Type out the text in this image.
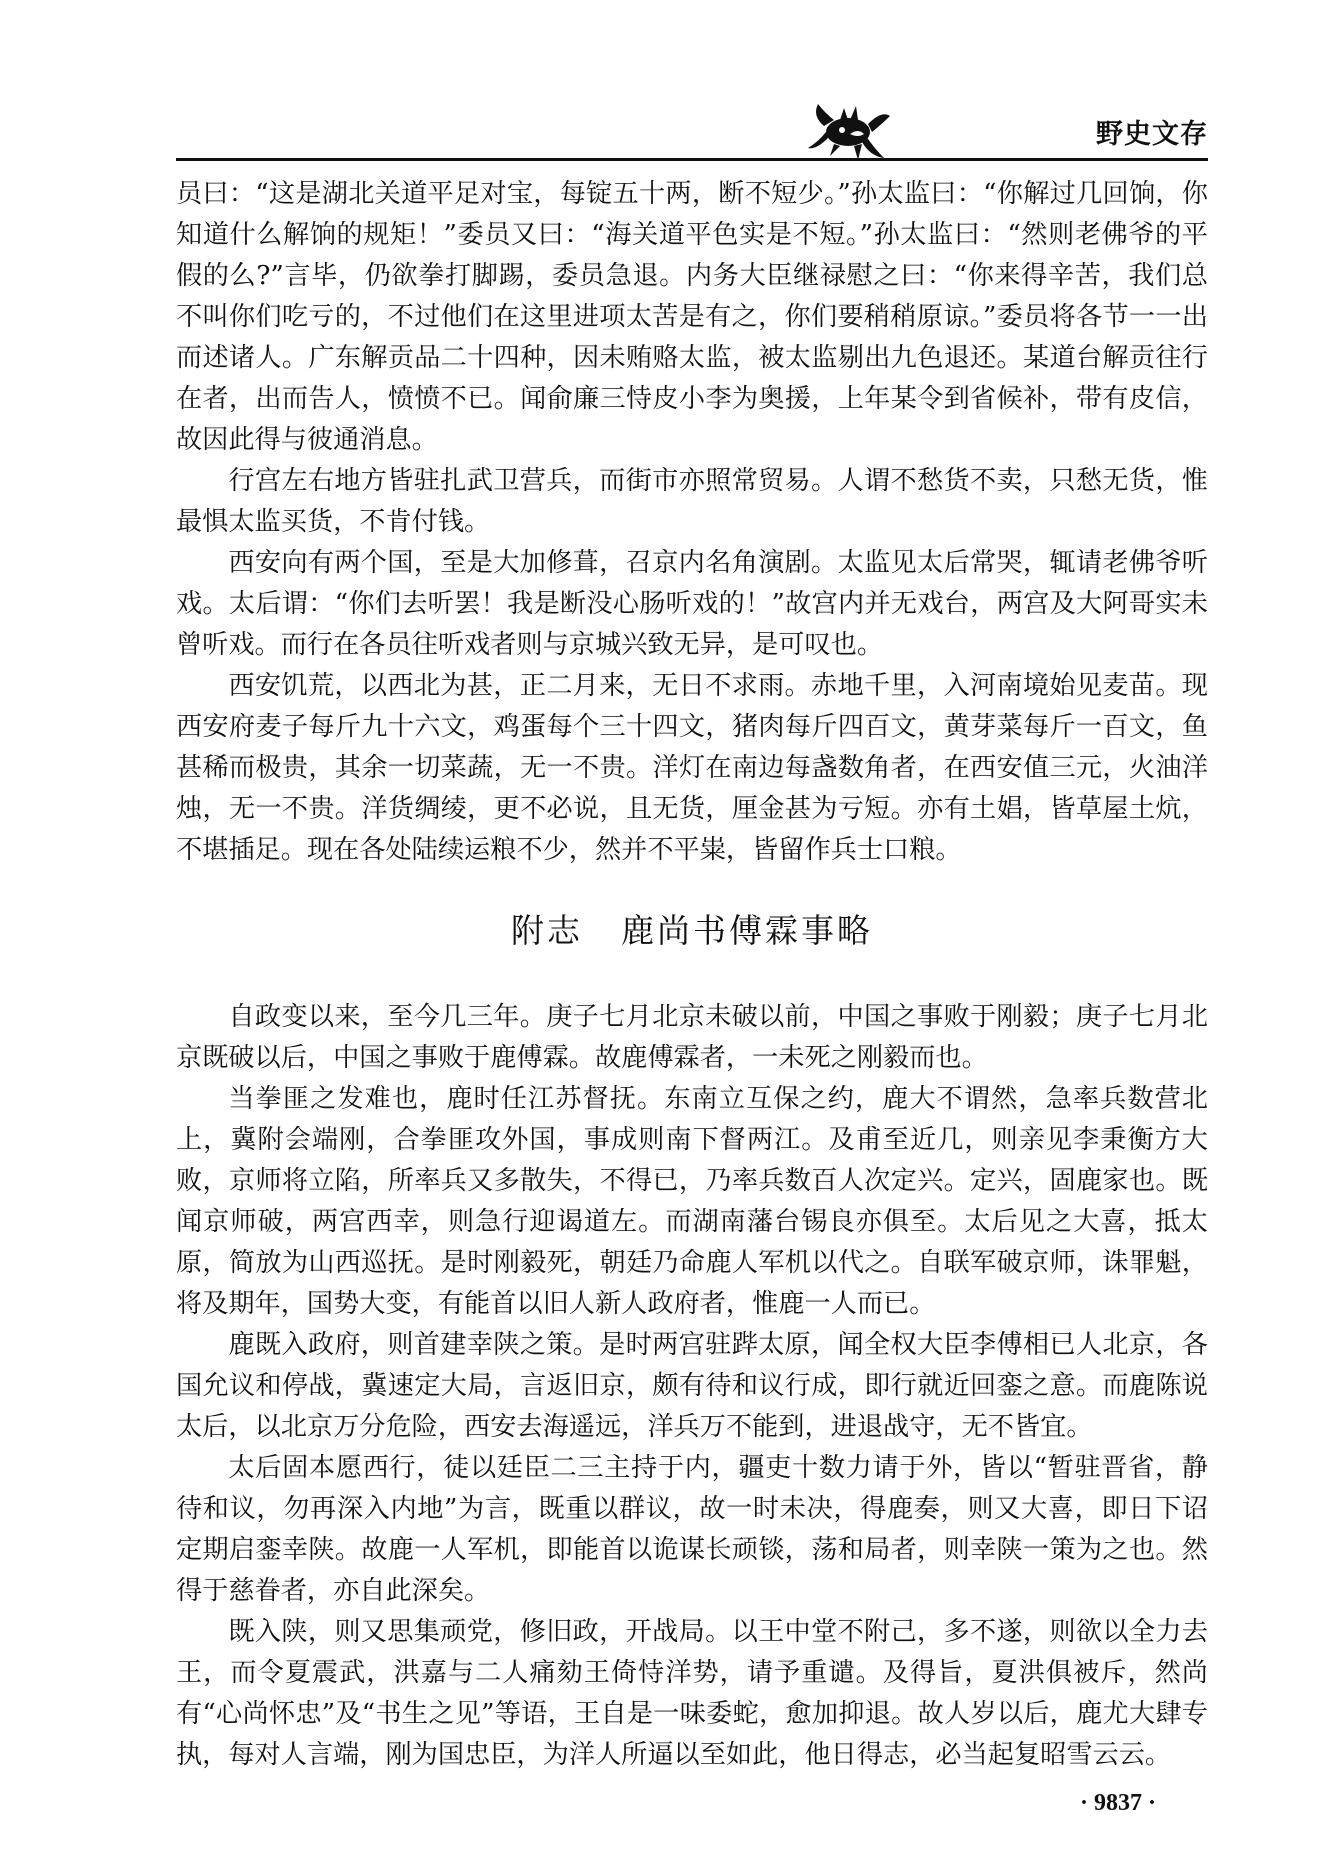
野史文存

员曰：“这是湖北关道平足对宝，每锭五十两，断不短少。”孙太监曰：“你解过几回饷，你知道什么解饷的规矩！”委员又曰：“海关道平色实是不短。”孙太监曰：“然则老佛爷的平假的么?”言毕，仍欲拳打脚踢，委员急退。内务大臣继禄慰之曰：“你来得辛苦，我们总不叫你们吃亏的，不过他们在这里进项太苦是有之，你们要稍稍原谅。”委员将各节一一出而述诸人。广东解贡品二十四种，因未贿赂太监，被太监剔出九色退还。某道台解贡往行在者，出而告人，愤愤不已。闻俞廉三恃皮小李为奥援，上年某令到省候补，带有皮信，故因此得与彼通消息。

行宫左右地方皆驻扎武卫营兵，而街市亦照常贸易。人谓不愁货不卖，只愁无货，惟最惧太监买货，不肯付钱。

西安向有两个国，至是大加修葺，召京内名角演剧。太监见太后常哭，辄请老佛爷听戏。太后谓：“你们去听罢！我是断没心肠听戏的！”故宫内并无戏台，两宫及大阿哥实未曾听戏。而行在各员往听戏者则与京城兴致无异，是可叹也。

西安饥荒，以西北为甚，正二月来，无日不求雨。赤地千里，入河南境始见麦苗。现西安府麦子每斤九十六文，鸡蛋每个三十四文，猪肉每斤四百文，黄芽菜每斤一百文，鱼甚稀而极贵，其余一切菜蔬，无一不贵。洋灯在南边每盏数角者，在西安值三元，火油洋烛，无一不贵。洋货绸绫，更不必说，且无货，厘金甚为亏短。亦有土娼，皆草屋土炕，不堪插足。现在各处陆续运粮不少，然并不平粜，皆留作兵士口粮。

附志 鹿尚书傅霖事略

自政变以来，至今几三年。庚子七月北京未破以前，中国之事败于刚毅；庚子七月北京既破以后，中国之事败于鹿傅霖。故鹿傅霖者，一未死之刚毅而也。

当拳匪之发难也，鹿时任江苏督抚。东南立互保之约，鹿大不谓然，急率兵数营北上，冀附会端刚，合拳匪攻外国，事成则南下督两江。及甫至近几，则亲见李秉衡方大败，京师将立陷，所率兵又多散失，不得已，乃率兵数百人次定兴。定兴，固鹿家也。既闻京师破，两宫西幸，则急行迎谒道左。而湖南藩台锡良亦俱至。太后见之大喜，抵太原，简放为山西巡抚。是时刚毅死，朝廷乃命鹿人军机以代之。自联军破京师，诛罪魁，将及期年，国势大变，有能首以旧人新人政府者，惟鹿一人而已。

鹿既入政府，则首建幸陕之策。是时两宫驻跸太原，闻全权大臣李傅相已人北京，各国允议和停战，冀速定大局，言返旧京，颇有待和议行成，即行就近回銮之意。而鹿陈说太后，以北京万分危险，西安去海遥远，洋兵万不能到，进退战守，无不皆宜。

太后固本愿西行，徒以廷臣二三主持于内，疆吏十数力请于外，皆以“暂驻晋省，静待和议，勿再深入内地”为言，既重以群议，故一时未决，得鹿奏，则又大喜，即日下诏定期启銮幸陕。故鹿一人军机，即能首以诡谋长顽锬，荡和局者，则幸陕一策为之也。然得于慈眷者，亦自此深矣。

既入陕，则又思集顽党，修旧政，开战局。以王中堂不附己，多不遂，则欲以全力去王，而令夏震武，洪嘉与二人痛劾王倚恃洋势，请予重谴。及得旨，夏洪俱被斥，然尚有“心尚怀忠”及“书生之见”等语，王自是一味委蛇，愈加抑退。故人岁以后，鹿尤大肆专执，每对人言端，刚为国忠臣，为洋人所逼以至如此，他日得志，必当起复昭雪云云。

· 9837 ·
